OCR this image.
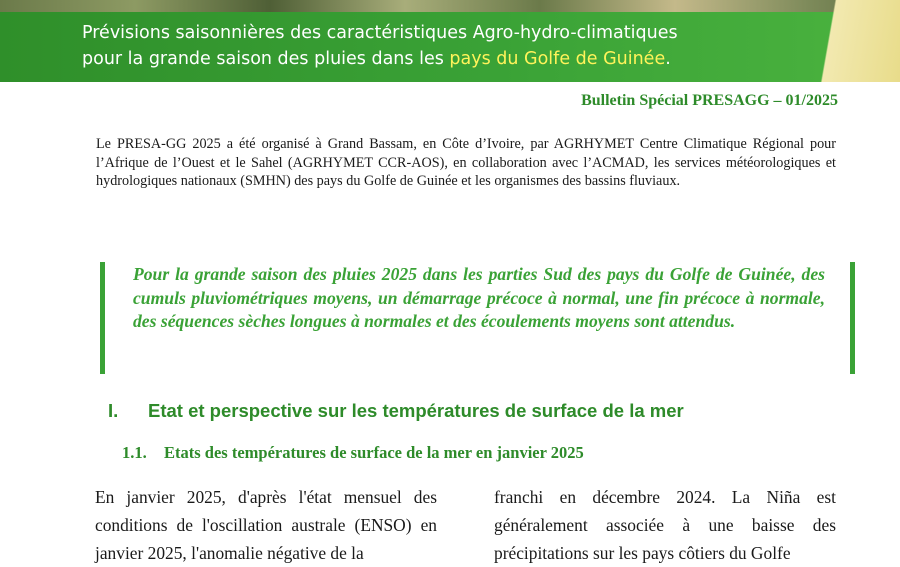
Prévisions saisonnières des caractéristiques Agro-hydro-climatiques
pour la grande saison des pluies dans les pays du Golfe de Guinée.
Bulletin Spécial PRESAGG – 01/2025
Le PRESA-GG 2025 a été organisé à Grand Bassam, en Côte d’Ivoire, par AGRHYMET Centre Climatique Régional pour l’Afrique de l’Ouest et le Sahel (AGRHYMET CCR-AOS), en collaboration avec l’ACMAD, les services météorologiques et hydrologiques nationaux (SMHN) des pays du Golfe de Guinée et les organismes des bassins fluviaux.
Pour la grande saison des pluies 2025 dans les parties Sud des pays du Golfe de Guinée, des cumuls pluviométriques moyens, un démarrage précoce à normal, une fin précoce à normale, des séquences sèches longues à normales et des écoulements moyens sont attendus.
I. Etat et perspective sur les températures de surface de la mer
1.1. Etats des températures de surface de la mer en janvier 2025
En janvier 2025, d'après l'état mensuel des conditions de l'oscillation australe (ENSO) en janvier 2025, l'anomalie négative de la
franchi en décembre 2024. La Niña est généralement associée à une baisse des précipitations sur les pays côtiers du Golfe
